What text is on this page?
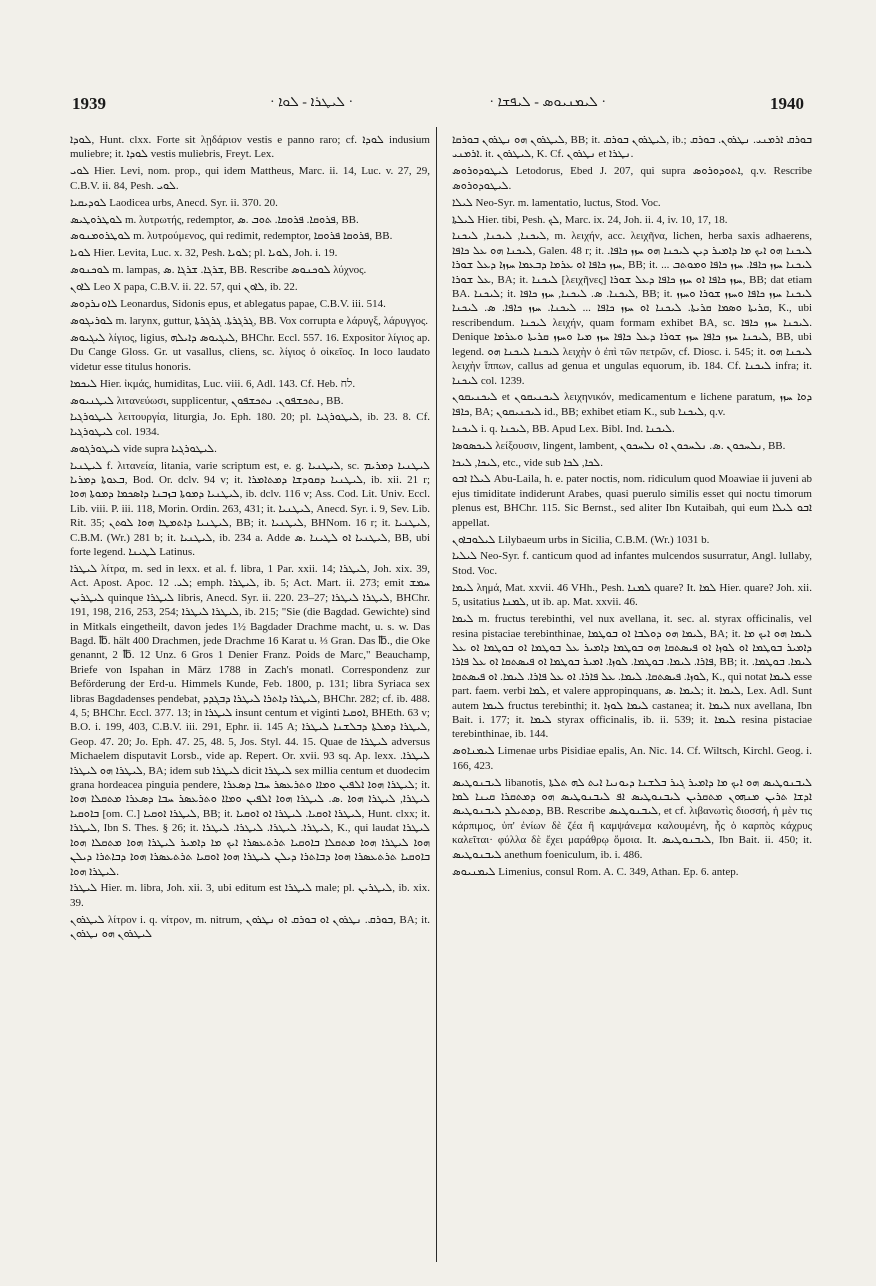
1939	· ܠܝܛܪܐ - ܠܘܐ ·	· ܠܝܡܢܝܘܣ - ܠܝܦܫܐ ·	1940

ܠܘܕܐ, Hunt. clxx. Forte sit λῃδάριον vestis e panno raro; cf. ܠܘܕܐ indusium muliebre; it. ܠܘܕܐ vestis muliebris, Freyt. Lex.

ܠܘܝ Hier. Levi, nom. prop., qui idem Mattheus, Marc. ii. 14, Luc. v. 27, 29, C.B.V. ii. 84, Pesh. ܠܘܝ.

ܠܘܕܝܩܝܐ Laodicea urbs, Anecd. Syr. ii. 370. 20.

ܠܘܛܪܘܛܝܣ m. λυτρωτής, redemptor, ܦܪܘܩܐ. ܦܪܘܩܐ. ܬܘܒ .ܣ, BB.

ܠܘܛܪܘܡܢܘܣ m. λυτρούμενος, qui redimit, redemptor, ܦܪܘܩܐ ܦܪܘܩܐ, BB.

ܠܘܝܐ Hier. Levita, Luc. x. 32, Pesh. ܠܘܝܐ; pl. ܠܘܝܐ, Joh. i. 19.

ܠܘܟܢܘܣ m. lampas, ܫܪܓܐ. ܫܪܓܐ .ܣ, BB. Rescribe ܠܘܟܢܘܣ λύχνος.

ܠܐܘܢ Leo X papa, C.B.V. ii. 22. 57, qui ܠܐܘܢ, ib. 22.

ܠܐܘܢܪܕܘܣ Leonardus, Sidonis epus, et ablegatus papae, C.B.V. iii. 514.

ܠܘܪܝܓܘܣ m. larynx, guttur, ܓܪܓܪܬܐ. ܓܪܓܪܬܐ, BB. Vox corrupta e λάρυγξ, λάρυγγος.

ܠܝܓܝܘܣ λίγιος, ligius, ܠܝܓܝܘܣ ܕܐܝܠܗ, BHChr. Eccl. 557. 16. Expositor λίγιος ap. Du Cange Gloss. Gr. ut vasallus, cliens, sc. λίγιος ὁ οἰκεῖος. In loco laudato videtur esse titulus honoris.

ܠܝܟܡܐ Hier. ἰκμάς, humiditas, Luc. viii. 6, Adl. 143. Cf. Heb. לח.

ܠܝܛܢܝܘܣ λιτανεύωσι, supplicentur, ܢܬܟܫܦܘܢ. ܢܬܟܫܦܘܢ, BB.

ܠܝܛܘܪܓܝܐ λειτουργία, liturgia, Jo. Eph. 180. 20; pl. ܠܝܛܘܪܓܝܐ, ib. 23. 8. Cf. ܠܝܛܘܪܓܝܐ col. 1934.

ܠܝܛܘܪܓܘܣ vide supra ܠܝܛܘܪܓܝܐ.

ܠܝܛܢܝܐ f. λιτανεία, litania, varie scriptum est, e. g. ܠܝܛܢܝܐ, sc. ܠܝܛܢܝܐ ܕܡܪܝܡ ܒܥܘܬܐ ܕܡܪܝܐ, Bod. Or. dclv. 94 v; it. ܠܝܛܢܝܐ ܕܩܘܕܫܐ ܕܡܬܐܡܪܐ, ib. xii. 21 r; ܠܝܛܢܝܐ ܕܡܘܬܐ ܒܙܒܢܐ ܕܐܣܟܡܐ ܕܡܘܬܐ ܗܘܐ, ib. dclv. 116 v; Ass. Cod. Lit. Univ. Eccl. Lib. viii. P. iii. 118, Morin. Ordin. 263, 431; it. ܠܝܛܢܝܐ, Anecd. Syr. i. 9, Sev. Lib. Rit. 35; ܠܝܛܢܝܐ ܕܐܬܡܛܐ ܗܘܐ ܠܘܬܢ, BB; it. ܠܝܛܢܝܐ, BHNom. 16 r; it. ܠܝܛܢܝܐ, C.B.M. (Wr.) 281 b; it. ܠܝܛܢܝܐ, ib. 234 a. Adde ܠܝܛܢܝܐ ܐܘ ܠܛܝܢܐ .ܣ, BB, ubi forte legend. ܠܛܝܢܐ Latinus.

ܠܝܛܪܐ λίτρα, m. sed in lexx. et al. f. libra, 1 Par. xxii. 14; ܠܝܛܪܐ, Joh. xix. 39, Act. Apost. Apoc. ܠܝ. 12; emph. ܠܝܛܪܐ, ib. 5; Act. Mart. ii. 273; emit ܚܡܫ ܠܝܛܪܝܢ quinque ܠܝܛܪܐ libris, Anecd. Syr. ii. 220. 23–27; ܠܝܛܪܐ ܠܝܛܪܐ, BHChr. 191, 198, 216, 253, 254; ܠܝܛܪܐ ܠܝܛܪܐ, ib. 215; "Sie (die Bagdad. Gewichte) sind in Mitkals eingetheilt, davon jedes 1½ Bagdader Drachme macht, u. s. w. Das Bagd. ℔. hält 400 Drachmen, jede Drachme 16 Karat u. ⅓ Gran. Das ℔., die Oke genannt, 2 ℔. 12 Unz. 6 Gros 1 Denier Franz. Poids de Marc," Beauchamp, Briefe von Ispahan in März 1788 in Zach's monatl. Correspondenz zur Beförderung der Erd-u. Himmels Kunde, Feb. 1800, p. 131; libra Syriaca sex libras Bagdadenses pendebat, ܠܝܛܪܐ ܕܐܬܪܐ ܠܝܛܪܐ ܕܒܓܕܕ, BHChr. 282; cf. ib. 488. 4, 5; BHChr. Eccl. 377. 13; in ܠܝܛܪܐ insunt centum et viginti ܐܘܩܝܐ, BHEth. 63 v; B.O. i. 199, 403, C.B.V. iii. 291, Ephr. ii. 145 A; ܠܝܛܪܐ ܕܡܠܬܐ ܕܒܠܫܢܐ ܠܝܛܪܐ, Geop. 47. 20; Jo. Eph. 47. 25, 48. 5, Jos. Styl. 44. 15. Quae de ܠܝܛܪܐ adversus Michaelem disputavit Lorsb., vide ap. Repert. Or. xvii. 93 sq. Ap. lexx. ܠܝܛܪܐ. ܠܝܛܪܐ ܗܘ ܠܝܛܪܐ, BA; idem sub ܠܝܛܪܐ dicit ܠܝܛܪܐ sex millia centum et duodecim grana hordeacea pinguia pendere, ܠܝܛܪܐ ܗܘܐ ܐܠܦܝܢ ܘܡܐܐ ܘܬܪܥܣܪ ܚܒܐ ܕܣܥܪܐ; it. ܠܝܛܪܐ, ܠܝܛܪܐ ܗܘܐ .ܣ. ܠܝܛܪܐ ܗܘܐ ܐܠܦܝܢ ܘܡܐܐ ܘܬܪܥܣܪ ܚܒܐ ܕܣܥܪܐ ܡܬܩܠܐ ܗܘܐ ܒܐܘܩܝܐ [om. C.] ܠܝܛܪܐ ܐܘܩܝܐ, BB; it. ܠܝܛܪܐ ܐܘܩܝܐ. ܠܝܛܪܐ ܐܘ ܐܘܩܝܐ, Hunt. clxx; it. ܠܝܛܪܐ, Ibn S. Thes. § 26; it. ܠܝܛܪܐ. ܠܝܛܪܐ. ܠܝܛܪܐ. ܠܝܛܪܐ, K., qui laudat ܠܝܛܪܐ ܗܘܐ ܠܝܛܪܐ ܗܘܐ ܡܬܩܠܐ ܒܐܘܩܝܐ ܬܪܬܥܣܪܐ ܐܝܟ ܡܐ ܕܐܡܝܪ ܠܝܛܪܐ ܗܘܐ ܡܬܩܠܐ ܗܘܐ ܒܐܘܩܝܐ ܬܪܬܥܣܪܐ ܗܘܐ ܕܒܐܬܪܐ ܕܝܠܢ ܠܝܛܪܐ ܗܘܐ ܐܘܩܝܐ ܬܪܬܥܣܪܐ ܗܘܐ ܕܒܐܬܪܐ ܕܝܠܢ ܠܝܛܪܐ ܗܘܐ.

ܠܝܛܪܐ Hier. m. libra, Joh. xii. 3, ubi editum est ܠܝܛܪܐ male; pl. ܠܝܛܪܝܢ, ib. xix. 39.

ܠܝܛܪܘܢ λίτρον i. q. νίτρον, m. nitrum, ܒܘܪܩ. ܢܛܪܘܢ ܐܘ ܒܘܪܩ ܐܘ ܢܛܪܘܢ, BA; it. ܠܝܛܪܘܢ ܗܘ ܢܛܪܘܢ

ܠܝܛܪܘܢ ܗܘ ܢܛܪܘܢ ܒܘܪܩܐ, BB; it. ܠܝܛܪܘܢ ܒܘܪܩ, ib.; ܒܘܪܩ ܐܪܡܢܝ. ܢܛܪܘܢ. ܒܘܪܩ ܐܪܡܢܝ. it. ܠܝܛܪܘܢ, K. Cf. ܢܛܪܘܢ et ܢܛܪܐ.

ܠܝܛܘܕܘܪܘܣ Letodorus, Ebed J. 207, qui supra ܐܬܘܕܘܪܘܣ, q.v. Rescribe ܠܝܛܘܕܘܪܘܣ.

ܠܝܠܐ Neo-Syr. m. lamentatio, luctus, Stod. Voc.

ܠܝܠܬܐ Hier. tibi, Pesh. ܠܟ, Marc. ix. 24, Joh. ii. 4, iv. 10, 17, 18.

ܠܝܟܢܐ, ܠܝܟܢܐ, ܠܝܟܢܐ, m. λειχήν, acc. λειχῆνα, lichen, herba saxis adhaerens, ܠܝܟܢܐ ܗܘ ܥܠ ܟܐܦܐ, Galen. 48 r; it. ܠܝܟܢܐ ܗܘ ܐܝܟ ܡܐ ܕܐܡܝܪ ܕܝܢ ܠܝܟܢܐ ܗܘ ܚܙܙ ܟܐܦܐ. ܚܙܙ ܟܐܦܐ ܐܘ ܥܪܡܐ ܕܒܥܡܐ ܚܙܙܐ ܕܥܠ ܫܘܪܐ, BB; it. ... ܠܝܟܢܐ ܚܙܙ ܟܐܦܐ. ܚܙܙ ܟܐܦܐ ܘܡܘܬܒ ܥܠ ܫܘܪܐ, BA; it. ܠܝܟܢܐ [λειχῆνες] ܚܙܙ ܟܐܦܐ ܐܘ ܚܙܙ ܟܐܦܐ ܕܥܠ ܫܘܪܐ, BB; dat etiam BA. ܠܝܟܢܐ; it. ܠܝܟܢܐ. ܣ. ܠܝܟܢܐ, ܚܙܙ ܟܐܦܐ, BB; it. ܠܝܟܢܐ ܚܙܙ ܟܐܦܐ ܘܚܙܙ ܫܘܪܐ ܘܚܙܙ ܩܪܝܬܐ ܘܣܡܐ ܩܪܝܬܐ. ܠܝܟܢܐ ܐܘ ܚܙܙ ܟܐܦܐ ... ܠܝܟܢܐ. ܚܙܙ ܟܐܦܐ. ܣ. ܠܝܟܢܐ, K., ubi rescribendum. ܠܝܟܢܐ λειχήν, quam formam exhibet BA, sc. ܠܝܟܢܐ ܚܙܙ ܟܐܦܐ. Denique ܠܝܟܢܐ ܚܙܙ ܟܐܦܐ ܚܙܙ ܫܘܪܐ ܕܥܠ ܟܐܦܐ ܚܙܙ ܡܝܐ ܘܚܙܙ ܩܪܝܬܐ ܘܥܪܡܐ, BB, ubi legend. ܠܝܟܢܐ ܠܝܟܢܐ ܗܘ λειχὴν ὁ ἐπὶ τῶν πετρῶν, cf. Diosc. i. 545; it. ܠܝܟܢܐ ܗܘ λειχὴν ἵππων, callus ad genua et ungulas equorum, ib. 184. Cf. ܠܝܟܢܐ infra; it. ܠܝܟܢܐ col. 1239.

ܠܝܟܢܝܩܘܢ et ܠܝܟܢܝܩܘܢ λειχηνικόν, medicamentum e lichene paratum, ܕܘܐ ܚܙܙ ܟܐܦܐ, BA; ܠܝܟܢܝܩܘܢ id., BB; exhibet etiam K., sub ܠܝܟܢܐ, q.v.

ܠܝܟܢܐ i. q. ܠܝܟܢܐ, BB. Apud Lex. Bibl. Ind. ܠܝܟܢܐ.

ܠܝܟܣܘܣܐ λείξουσιν, lingent, lambent, ܢܠܚܟܘܢ .ܣ. ܢܠܚܟܘܢ ܐܘ ܢܠܚܟܘܢ, BB.

ܠܝܟܐ, ܠܝܟܐ, etc., vide sub ܠܟܐ, ܠܟܐ.

ܠܝܠܐ ܐܒܘ Abu-Laila, h. e. pater noctis, nom. ridiculum quod Moawiae ii juveni ab ejus timiditate indiderunt Arabes, quasi puerulo similis esset qui noctu timorum plenus est, BHChr. 115. Sic Bernst., sed aliter Ibn Kutaibah, qui eum ܐܒܘ ܠܝܠܐ appellat.

ܠܝܠܘܒܐܘܢ Lilybaeum urbs in Sicilia, C.B.M. (Wr.) 1031 b.

ܠܝܠܝܐ Neo-Syr. f. canticum quod ad infantes mulcendos susurratur, Angl. lullaby, Stod. Voc.

ܠܝܡܐ λημά, Mat. xxvii. 46 VHh., Pesh. ܠܡܢܐ quare? It. ܠܡܐ Hier. quare? Joh. xii. 5, usitatius ܠܡܢܐ, ut ib. ap. Mat. xxvii. 46.

ܠܝܡܐ m. fructus terebinthi, vel nux avellana, it. sec. al. styrax officinalis, vel resina pistaciae terebinthinae, ܠܝܡܐ ܗܘ ܕܘܠܒܐ ܐܘ ܒܘܛܡܐ, BA; it. ܠܝܡܐ ܗܘ ܐܝܟ ܡܐ ܕܐܡܝܪ ܒܘܛܡܐ ܐܘ ܠܘܙܐ ܐܘ ܦܝܣܬܩܐ ܗܘ ܒܘܛܡܐ ܕܐܡܝܪ ܥܠ ܒܘܛܡܐ ܐܘ ܒܘܛܡܐ ܐܘ ܥܠ ܦܐܪܐ. ܠܝܡܐ. ܒܘܛܡܐ. ܠܘܙܐ. ܐܡܝܪ ܒܘܛܡܐ ܐܘ ܦܝܣܬܩܐ ܐܘ ܥܠ ܦܐܪܐ, BB; it. ܠܝܡܐ. ܒܘܛܡܐ. ܠܘܙܐ. ܦܝܣܬܩܐ. ܠܝܡܐ. ܥܠ ܦܐܪܐ. ܐܘ ܥܠ ܦܐܪܐ. ܠܝܡܐ. ܐܘ ܦܝܣܬܩܐ, K., qui notat ܠܝܡܐ esse part. faem. verbi ܠܡܐ, et valere appropinquans, ܠܝܡܐ .ܣ; it. ܠܝܡܐ, Lex. Adl. Sunt autem ܠܝܡܐ fructus terebinthi; it. ܠܝܡܐ ܠܘܙܐ castanea; it. ܠܝܡܐ nux avellana, Ibn Bait. i. 177; it. ܠܝܡܐ styrax officinalis, ib. ii. 539; it. ܠܝܡܐ resina pistaciae terebinthinae, ib. 144.

ܠܝܡܢܐܘܣ Limenae urbs Pisidiae epalis, An. Nic. 14. Cf. Wiltsch, Kirchl. Geog. i. 166, 423.

ܠܝܒܢܘܛܝܣ libanotis, ܠܝܒܢܘܛܝܣ ܗܘ ܐܝܟ ܡܐ ܕܐܡܝܪ ܓܝܪ ܒܠܫܢܐ ܕܝܘܢܝܐ ܐܝܬ ܠܗ ܬܠܬܐ ܐܕܫܐ ܬܪܝܢ ܡܢܗܘܢ ܡܬܩܪܝܢ ܠܝܒܢܘܛܝܣ ܐܦ ܠܝܒܢܘܛܝܣ ܗܘ ܕܡܬܩܪܐ ܩܝܢܐ ܠܡܐ ܕܡܬܝܠܕ ܠܝܒܢܘܛܝܣ, BB. Rescribe ܠܝܒܢܘܛܝܣ, et cf. λιβανωτὶς διοσσή, ἡ μὲν τις κάρπιμος, ὑπ' ἐνίων δὲ ζέα ἢ καμψάνεμα καλουμένη, ἧς ὁ καρπὸς κάχρυς καλεῖται· φύλλα δὲ ἔχει μαράθρῳ ὅμοια. It. ܠܝܒܢܘܛܝܣ, Ibn Bait. ii. 450; it. ܠܝܒܢܘܛܝܣ anethum foeniculum, ib. i. 486.

ܠܝܡܢܝܘܣ Limenius, consul Rom. A. C. 349, Athan. Ep. 6. antep.
